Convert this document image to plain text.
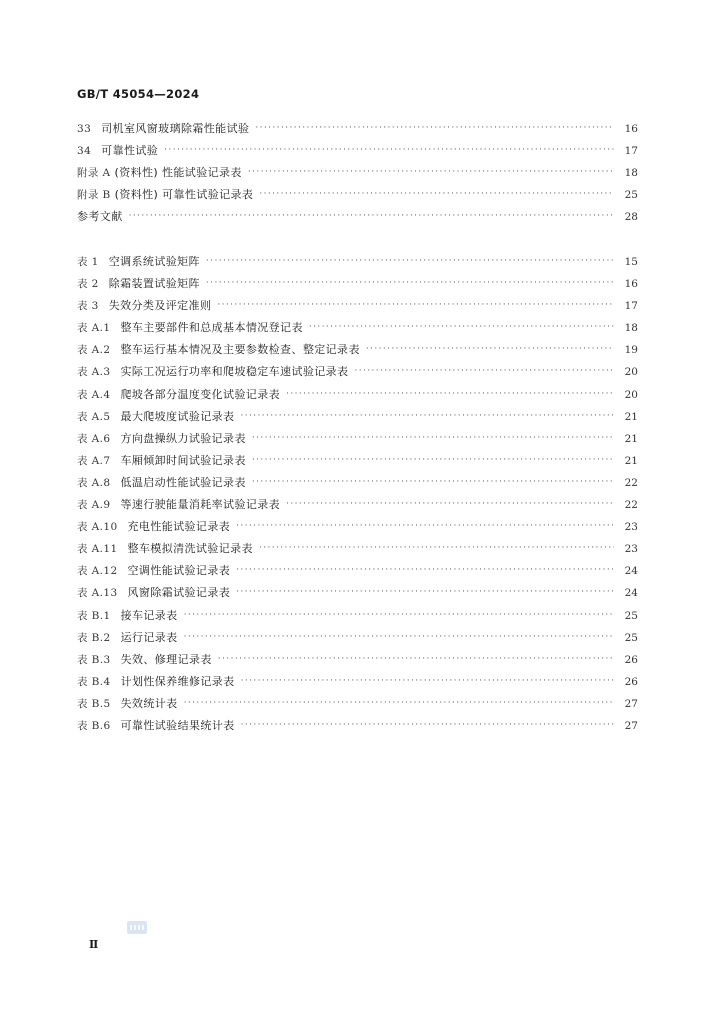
GB/T 45054—2024
33 司机室风窗玻璃除霜性能试验 ·····	16
34 可靠性试验 ·····	17
附录 A (资料性) 性能试验记录表 ·····	18
附录 B (资料性) 可靠性试验记录表 ·····	25
参考文献 ·····	28
表 1 空调系统试验矩阵 ·····	15
表 2 除霜装置试验矩阵 ·····	16
表 3 失效分类及评定准则 ·····	17
表 A.1 整车主要部件和总成基本情况登记表 ·····	18
表 A.2 整车运行基本情况及主要参数检查、整定记录表 ·····	19
表 A.3 实际工况运行功率和爬坡稳定车速试验记录表 ·····	20
表 A.4 爬坡各部分温度变化试验记录表 ·····	20
表 A.5 最大爬坡度试验记录表 ·····	21
表 A.6 方向盘操纵力试验记录表 ·····	21
表 A.7 车厢倾卸时间试验记录表 ·····	21
表 A.8 低温启动性能试验记录表 ·····	22
表 A.9 等速行驶能量消耗率试验记录表 ·····	22
表 A.10 充电性能试验记录表 ·····	23
表 A.11 整车模拟清洗试验记录表 ·····	23
表 A.12 空调性能试验记录表 ·····	24
表 A.13 风窗除霜试验记录表 ·····	24
表 B.1 接车记录表 ·····	25
表 B.2 运行记录表 ·····	25
表 B.3 失效、修理记录表 ·····	26
表 B.4 计划性保养维修记录表 ·····	26
表 B.5 失效统计表 ·····	27
表 B.6 可靠性试验结果统计表 ·····	27
Ⅱ
